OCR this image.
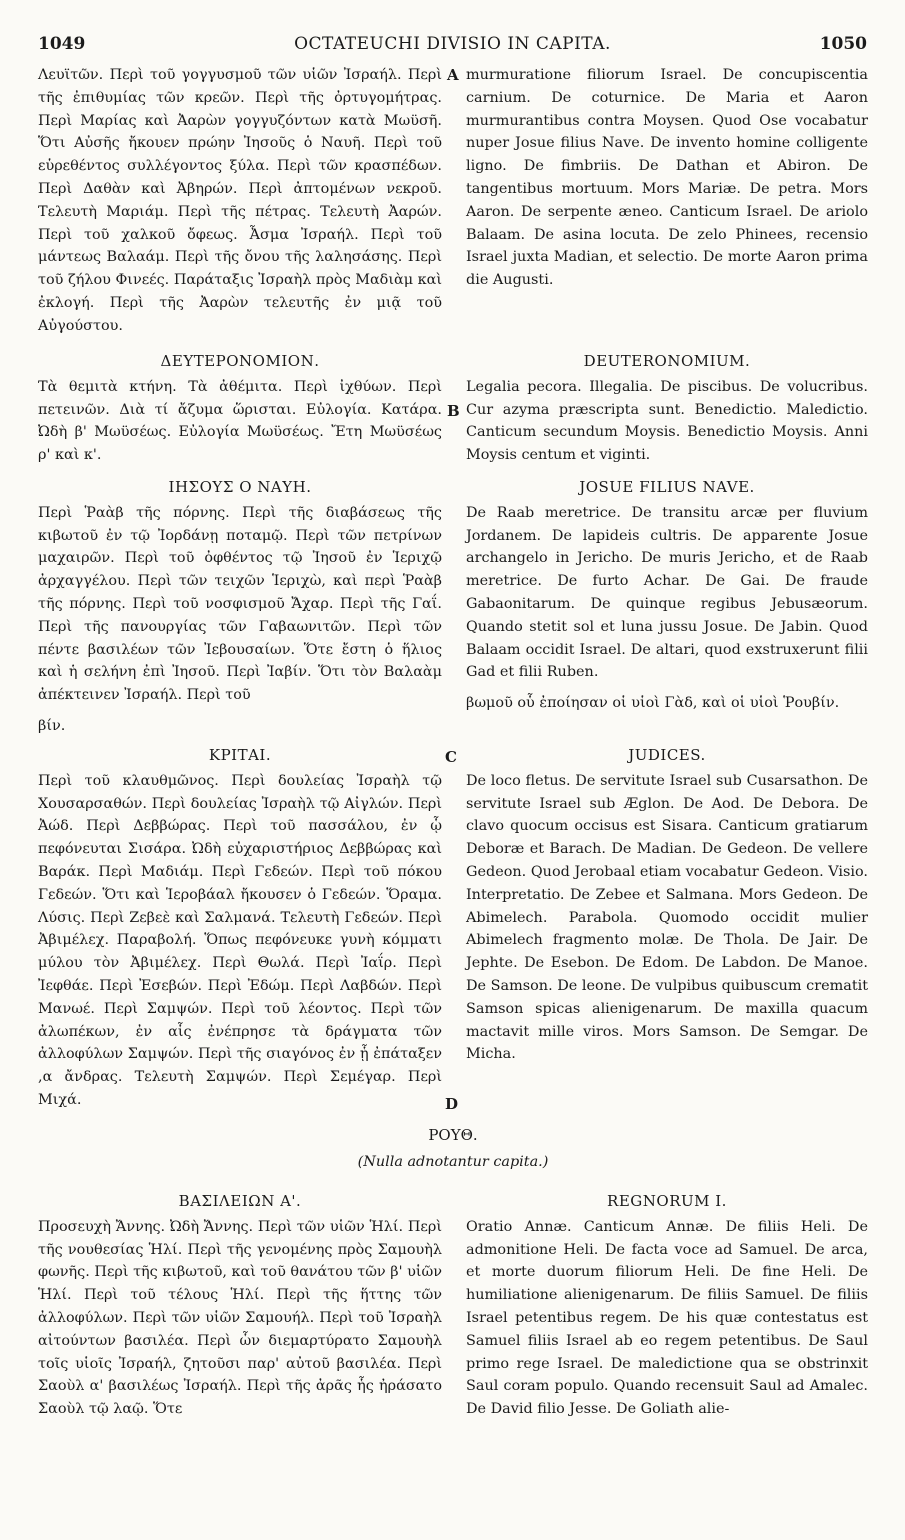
1049	OCTATEUCHI DIVISIO IN CAPITA.	1050

Λευϊτῶν. Περὶ τοῦ γογγυσμοῦ τῶν υἱῶν Ἰσραήλ. Περὶ τῆς ἐπιθυμίας τῶν κρεῶν. Περὶ τῆς ὀρτυγομήτρας. Περὶ Μαρίας καὶ Ἀαρὼν γογγυζόντων κατὰ Μωϋσῆ. Ὅτι Αὐσῆς ἤκουεν πρώην Ἰησοῦς ὁ Ναυῆ. Περὶ τοῦ εὑρεθέντος συλλέγοντος ξύλα. Περὶ τῶν κρασπέδων. Περὶ Δαθὰν καὶ Ἀβηρών. Περὶ ἀπτομένων νεκροῦ. Τελευτὴ Μαριάμ. Περὶ τῆς πέτρας. Τελευτὴ Ἀαρών. Περὶ τοῦ χαλκοῦ ὄφεως. Ἆσμα Ἰσραήλ. Περὶ τοῦ μάντεως Βαλαάμ. Περὶ τῆς ὄνου τῆς λαλησάσης. Περὶ τοῦ ζήλου Φινεές. Παράταξις Ἰσραὴλ πρὸς Μαδιὰμ καὶ ἐκλογή. Περὶ τῆς Ἀαρὼν τελευτῆς ἐν μιᾷ τοῦ Αὐγούστου.

murmuratione filiorum Israel. De concupiscentia carnium. De coturnice. De Maria et Aaron murmurantibus contra Moysen. Quod Ose vocabatur nuper Josue filius Nave. De invento homine colligente ligno. De fimbriis. De Dathan et Abiron. De tangentibus mortuum. Mors Mariæ. De petra. Mors Aaron. De serpente æneo. Canticum Israel. De ariolo Balaam. De asina locuta. De zelo Phinees, recensio Israel juxta Madian, et selectio. De morte Aaron prima die Augusti.

A
ΔΕΥΤΕΡΟΝΟΜΙΟΝ.

Τὰ θεμιτὰ κτήνη. Τὰ ἀθέμιτα. Περὶ ἰχθύων. Περὶ πετεινῶν. Διὰ τί ἄζυμα ὥρισται. Εὐλογία. Κατάρα. Ὠδὴ β' Μωϋσέως. Εὐλογία Μωϋσέως. Ἔτη Μωϋσέως ρ' καὶ κ'.

DEUTERONOMIUM.

Legalia pecora. Illegalia. De piscibus. De volucribus. Cur azyma præscripta sunt. Benedictio. Maledictio. Canticum secundum Moysis. Benedictio Moysis. Anni Moysis centum et viginti.

B
ΙΗΣΟΥΣ Ο ΝΑΥΗ.

Περὶ Ῥαὰβ τῆς πόρνης. Περὶ τῆς διαβάσεως τῆς κιβωτοῦ ἐν τῷ Ἰορδάνῃ ποταμῷ. Περὶ τῶν πετρίνων μαχαιρῶν. Περὶ τοῦ ὀφθέντος τῷ Ἰησοῦ ἐν Ἱεριχῷ ἀρχαγγέλου. Περὶ τῶν τειχῶν Ἱεριχὼ, καὶ περὶ Ῥαὰβ τῆς πόρνης. Περὶ τοῦ νοσφισμοῦ Ἄχαρ. Περὶ τῆς Γαΐ. Περὶ τῆς πανουργίας τῶν Γαβαωνιτῶν. Περὶ τῶν πέντε βασιλέων τῶν Ἰεβουσαίων. Ὅτε ἔστη ὁ ἥλιος καὶ ἡ σελήνη ἐπὶ Ἰησοῦ. Περὶ Ἰαβίν. Ὅτι τὸν Βαλαὰμ ἀπέκτεινεν Ἰσραήλ. Περὶ τοῦ

JOSUE FILIUS NAVE.

De Raab meretrice. De transitu arcæ per fluvium Jordanem. De lapideis cultris. De apparente Josue archangelo in Jericho. De muris Jericho, et de Raab meretrice. De furto Achar. De Gai. De fraude Gabaonitarum. De quinque regibus Jebusæorum. Quando stetit sol et luna jussu Josue. De Jabin. Quod Balaam occidit Israel. De altari, quod exstruxerunt filii Gad et filii Ruben.

βωμοῦ οὗ ἐποίησαν οἱ υἱοὶ Γὰδ, καὶ οἱ υἱοὶ Ῥουβίν.

βίν.

ΚΡΙΤΑΙ.

Περὶ τοῦ κλαυθμῶνος. Περὶ δουλείας Ἰσραὴλ τῷ Χουσαρσαθών. Περὶ δουλείας Ἰσραὴλ τῷ Αἰγλών. Περὶ Ἀώδ. Περὶ Δεββώρας. Περὶ τοῦ πασσάλου, ἐν ᾧ πεφόνευται Σισάρα. Ὠδὴ εὐχαριστήριος Δεββώρας καὶ Βαράκ. Περὶ Μαδιάμ. Περὶ Γεδεών. Περὶ τοῦ πόκου Γεδεών. Ὅτι καὶ Ἱεροβάαλ ἤκουσεν ὁ Γεδεών. Ὅραμα. Λύσις. Περὶ Ζεβεὲ καὶ Σαλμανά. Τελευτὴ Γεδεών. Περὶ Ἀβιμέλεχ. Παραβολή. Ὅπως πεφόνευκε γυνὴ κόμματι μύλου τὸν Ἀβιμέλεχ. Περὶ Θωλά. Περὶ Ἰαΐρ. Περὶ Ἰεφθάε. Περὶ Ἐσεβών. Περὶ Ἐδώμ. Περὶ Λαβδών. Περὶ Μανωέ. Περὶ Σαμψών. Περὶ τοῦ λέοντος. Περὶ τῶν ἀλωπέκων, ἐν αἷς ἐνέπρησε τὰ δράγματα τῶν ἀλλοφύλων Σαμψών. Περὶ τῆς σιαγόνος ἐν ᾗ ἐπάταξεν ,α ἄνδρας. Τελευτὴ Σαμψών. Περὶ Σεμέγαρ. Περὶ Μιχά.

JUDICES.

De loco fletus. De servitute Israel sub Cusarsathon. De servitute Israel sub Æglon. De Aod. De Debora. De clavo quocum occisus est Sisara. Canticum gratiarum Deboræ et Barach. De Madian. De Gedeon. De vellere Gedeon. Quod Jerobaal etiam vocabatur Gedeon. Visio. Interpretatio. De Zebee et Salmana. Mors Gedeon. De Abimelech. Parabola. Quomodo occidit mulier Abimelech fragmento molæ. De Thola. De Jair. De Jephte. De Esebon. De Edom. De Labdon. De Manoe. De Samson. De leone. De vulpibus quibuscum crematit Samson spicas alienigenarum. De maxilla quacum mactavit mille viros. Mors Samson. De Semgar. De Micha.

C
D
ΡΟΥΘ.
(Nulla adnotantur capita.)
ΒΑΣΙΛΕΙΩΝ Α'.

Προσευχὴ Ἄννης. Ὠδὴ Ἄννης. Περὶ τῶν υἱῶν Ἡλί. Περὶ τῆς νουθεσίας Ἡλί. Περὶ τῆς γενομένης πρὸς Σαμουὴλ φωνῆς. Περὶ τῆς κιβωτοῦ, καὶ τοῦ θανάτου τῶν β' υἱῶν Ἡλί. Περὶ τοῦ τέλους Ἡλί. Περὶ τῆς ἥττης τῶν ἀλλοφύλων. Περὶ τῶν υἱῶν Σαμουήλ. Περὶ τοῦ Ἰσραὴλ αἰτούντων βασιλέα. Περὶ ὧν διεμαρτύρατο Σαμουὴλ τοῖς υἱοῖς Ἰσραήλ, ζητοῦσι παρ' αὐτοῦ βασιλέα. Περὶ Σαοὺλ α' βασιλέως Ἰσραήλ. Περὶ τῆς ἀρᾶς ἧς ἠράσατο Σαοὺλ τῷ λαῷ. Ὅτε

REGNORUM I.

Oratio Annæ. Canticum Annæ. De filiis Heli. De admonitione Heli. De facta voce ad Samuel. De arca, et morte duorum filiorum Heli. De fine Heli. De humiliatione alienigenarum. De filiis Samuel. De filiis Israel petentibus regem. De his quæ contestatus est Samuel filiis Israel ab eo regem petentibus. De Saul primo rege Israel. De maledictione qua se obstrinxit Saul coram populo. Quando recensuit Saul ad Amalec. De David filio Jesse. De Goliath alie-
